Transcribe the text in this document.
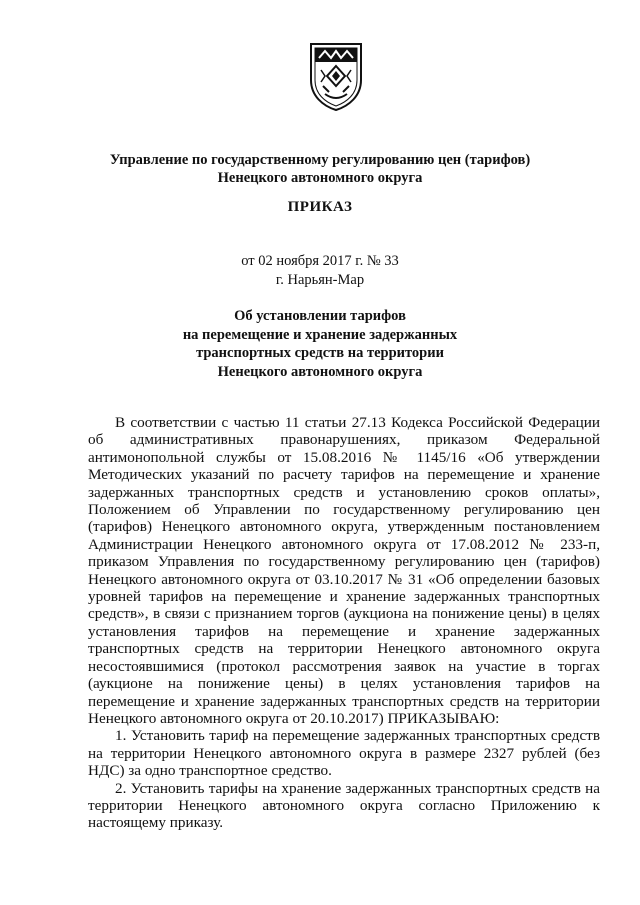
Управление по государственному регулированию цен (тарифов)
Ненецкого автономного округа
ПРИКАЗ
от 02 ноября 2017 г. № 33
г. Нарьян-Мар
Об установлении тарифов
на перемещение и хранение задержанных
транспортных средств на территории
Ненецкого автономного округа

В соответствии с частью 11 статьи 27.13 Кодекса Российской Федерации об административных правонарушениях, приказом Федеральной антимонопольной службы от 15.08.2016 № 1145/16 «Об утверждении Методических указаний по расчету тарифов на перемещение и хранение задержанных транспортных средств и установлению сроков оплаты», Положением об Управлении по государственному регулированию цен (тарифов) Ненецкого автономного округа, утвержденным постановлением Администрации Ненецкого автономного округа от 17.08.2012 № 233-п, приказом Управления по государственному регулированию цен (тарифов) Ненецкого автономного округа от 03.10.2017 № 31 «Об определении базовых уровней тарифов на перемещение и хранение задержанных транспортных средств», в связи с признанием торгов (аукциона на понижение цены) в целях установления тарифов на перемещение и хранение задержанных транспортных средств на территории Ненецкого автономного округа несостоявшимися (протокол рассмотрения заявок на участие в торгах (аукционе на понижение цены) в целях установления тарифов на перемещение и хранение задержанных транспортных средств на территории Ненецкого автономного округа от 20.10.2017) ПРИКАЗЫВАЮ:

1. Установить тариф на перемещение задержанных транспортных средств на территории Ненецкого автономного округа в размере 2327 рублей (без НДС) за одно транспортное средство.

2. Установить тарифы на хранение задержанных транспортных средств на территории Ненецкого автономного округа согласно Приложению к настоящему приказу.
